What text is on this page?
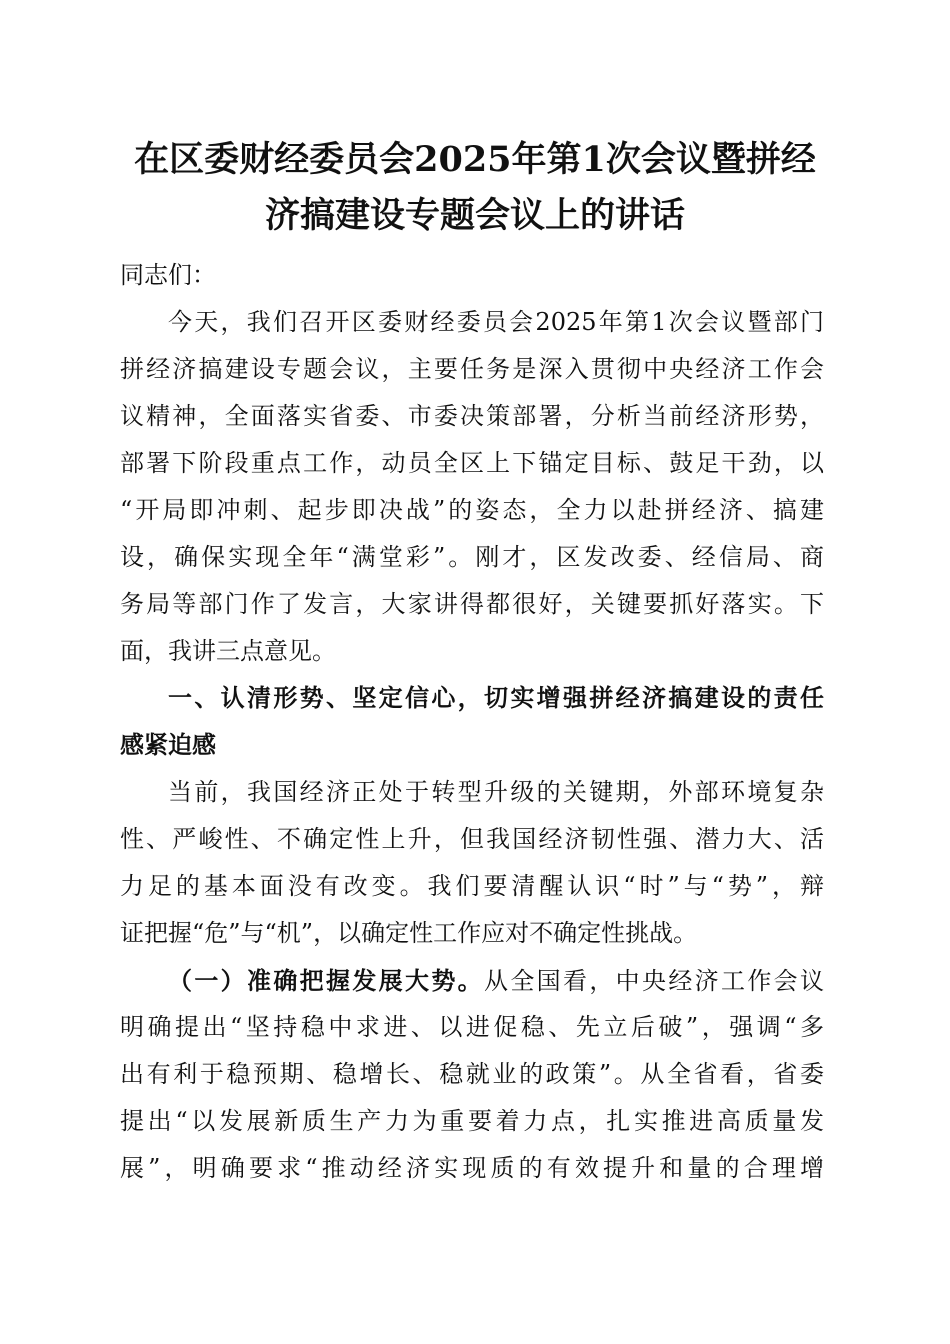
在区委财经委员会2025年第1次会议暨拼经
济搞建设专题会议上的讲话
同志们：
今天，我们召开区委财经委员会2025年第1次会议暨部门
拼经济搞建设专题会议，主要任务是深入贯彻中央经济工作会
议精神，全面落实省委、市委决策部署，分析当前经济形势，
部署下阶段重点工作，动员全区上下锚定目标、鼓足干劲，以
“开局即冲刺、起步即决战”的姿态，全力以赴拼经济、搞建
设，确保实现全年“满堂彩”。刚才，区发改委、经信局、商
务局等部门作了发言，大家讲得都很好，关键要抓好落实。下
面，我讲三点意见。
一、认清形势、坚定信心，切实增强拼经济搞建设的责任
感紧迫感
当前，我国经济正处于转型升级的关键期，外部环境复杂
性、严峻性、不确定性上升，但我国经济韧性强、潜力大、活
力足的基本面没有改变。我们要清醒认识“时”与“势”，辩
证把握“危”与“机”，以确定性工作应对不确定性挑战。
（一）准确把握发展大势。从全国看，中央经济工作会议
明确提出“坚持稳中求进、以进促稳、先立后破”，强调“多
出有利于稳预期、稳增长、稳就业的政策”。从全省看，省委
提出“以发展新质生产力为重要着力点，扎实推进高质量发
展”，明确要求“推动经济实现质的有效提升和量的合理增
